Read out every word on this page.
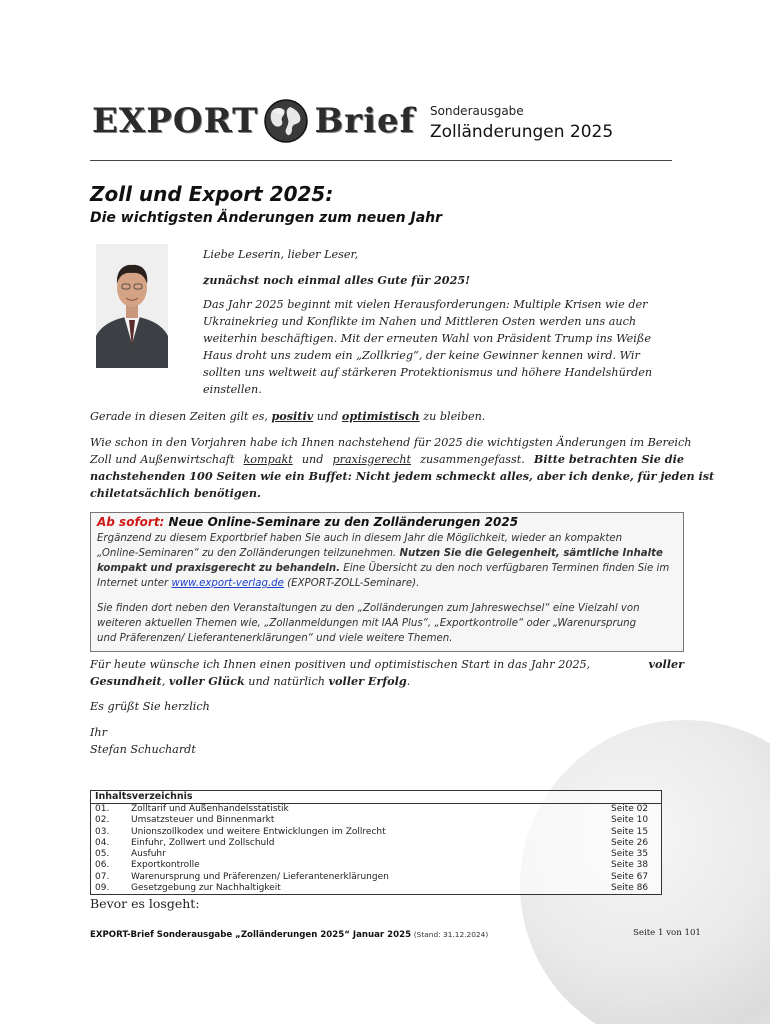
EXPORT Brief Sonderausgabe
Zolländerungen 2025
Zoll und Export 2025:
Die wichtigsten Änderungen zum neuen Jahr
Liebe Leserin, lieber Leser,
zunächst noch einmal alles Gute für 2025!
Das Jahr 2025 beginnt mit vielen Herausforderungen: Multiple Krisen wie der
Ukrainekrieg und Konflikte im Nahen und Mittleren Osten werden uns auch
weiterhin beschäftigen. Mit der erneuten Wahl von Präsident Trump ins Weiße
Haus droht uns zudem ein „Zollkrieg“, der keine Gewinner kennen wird. Wir
sollten uns weltweit auf stärkeren Protektionismus und höhere Handelshürden
einstellen.
Gerade in diesen Zeiten gilt es, positiv und optimistisch zu bleiben.
Wie schon in den Vorjahren habe ich Ihnen nachstehend für 2025 die wichtigsten Änderungen im Bereich
Zoll und Außenwirtschaft kompakt und praxisgerecht zusammengefasst. Bitte betrachten Sie die
nachstehenden 100 Seiten wie ein Buffet: Nicht jedem schmeckt alles, aber ich denke, für jeden ist
chiletatsächlich benötigen.
Ab sofort: Neue Online-Seminare zu den Zolländerungen 2025
Ergänzend zu diesem Exportbrief haben Sie auch in diesem Jahr die Möglichkeit, wieder an kompakten
„Online-Seminaren“ zu den Zolländerungen teilzunehmen. Nutzen Sie die Gelegenheit, sämtliche Inhalte
kompakt und praxisgerecht zu behandeln. Eine Übersicht zu den noch verfügbaren Terminen finden Sie im
Internet unter www.export-verlag.de (EXPORT-ZOLL-Seminare).
Sie finden dort neben den Veranstaltungen zu den „Zolländerungen zum Jahreswechsel“ eine Vielzahl von
weiteren aktuellen Themen wie, „Zollanmeldungen mit IAA Plus“, „Exportkontrolle“ oder „Warenursprung
und Präferenzen/ Lieferantenerklärungen“ und viele weitere Themen.
Für heute wünsche ich Ihnen einen positiven und optimistischen Start in das Jahr 2025,	voller
Gesundheit, voller Glück und natürlich voller Erfolg.
Es grüßt Sie herzlich
Ihr
Stefan Schuchardt
Inhaltsverzeichnis
01.	Zolltarif und Außenhandelsstatistik	Seite 02
02.	Umsatzsteuer und Binnenmarkt	Seite 10
03.	Unionszollkodex und weitere Entwicklungen im Zollrecht	Seite 15
04.	Einfuhr, Zollwert und Zollschuld	Seite 26
05.	Ausfuhr	Seite 35
06.	Exportkontrolle	Seite 38
07.	Warenursprung und Präferenzen/ Lieferantenerklärungen	Seite 67
09.	Gesetzgebung zur Nachhaltigkeit	Seite 86
Bevor es losgeht:
EXPORT-Brief Sonderausgabe „Zolländerungen 2025“ Januar 2025 (Stand: 31.12.2024)	Seite 1 von 101
